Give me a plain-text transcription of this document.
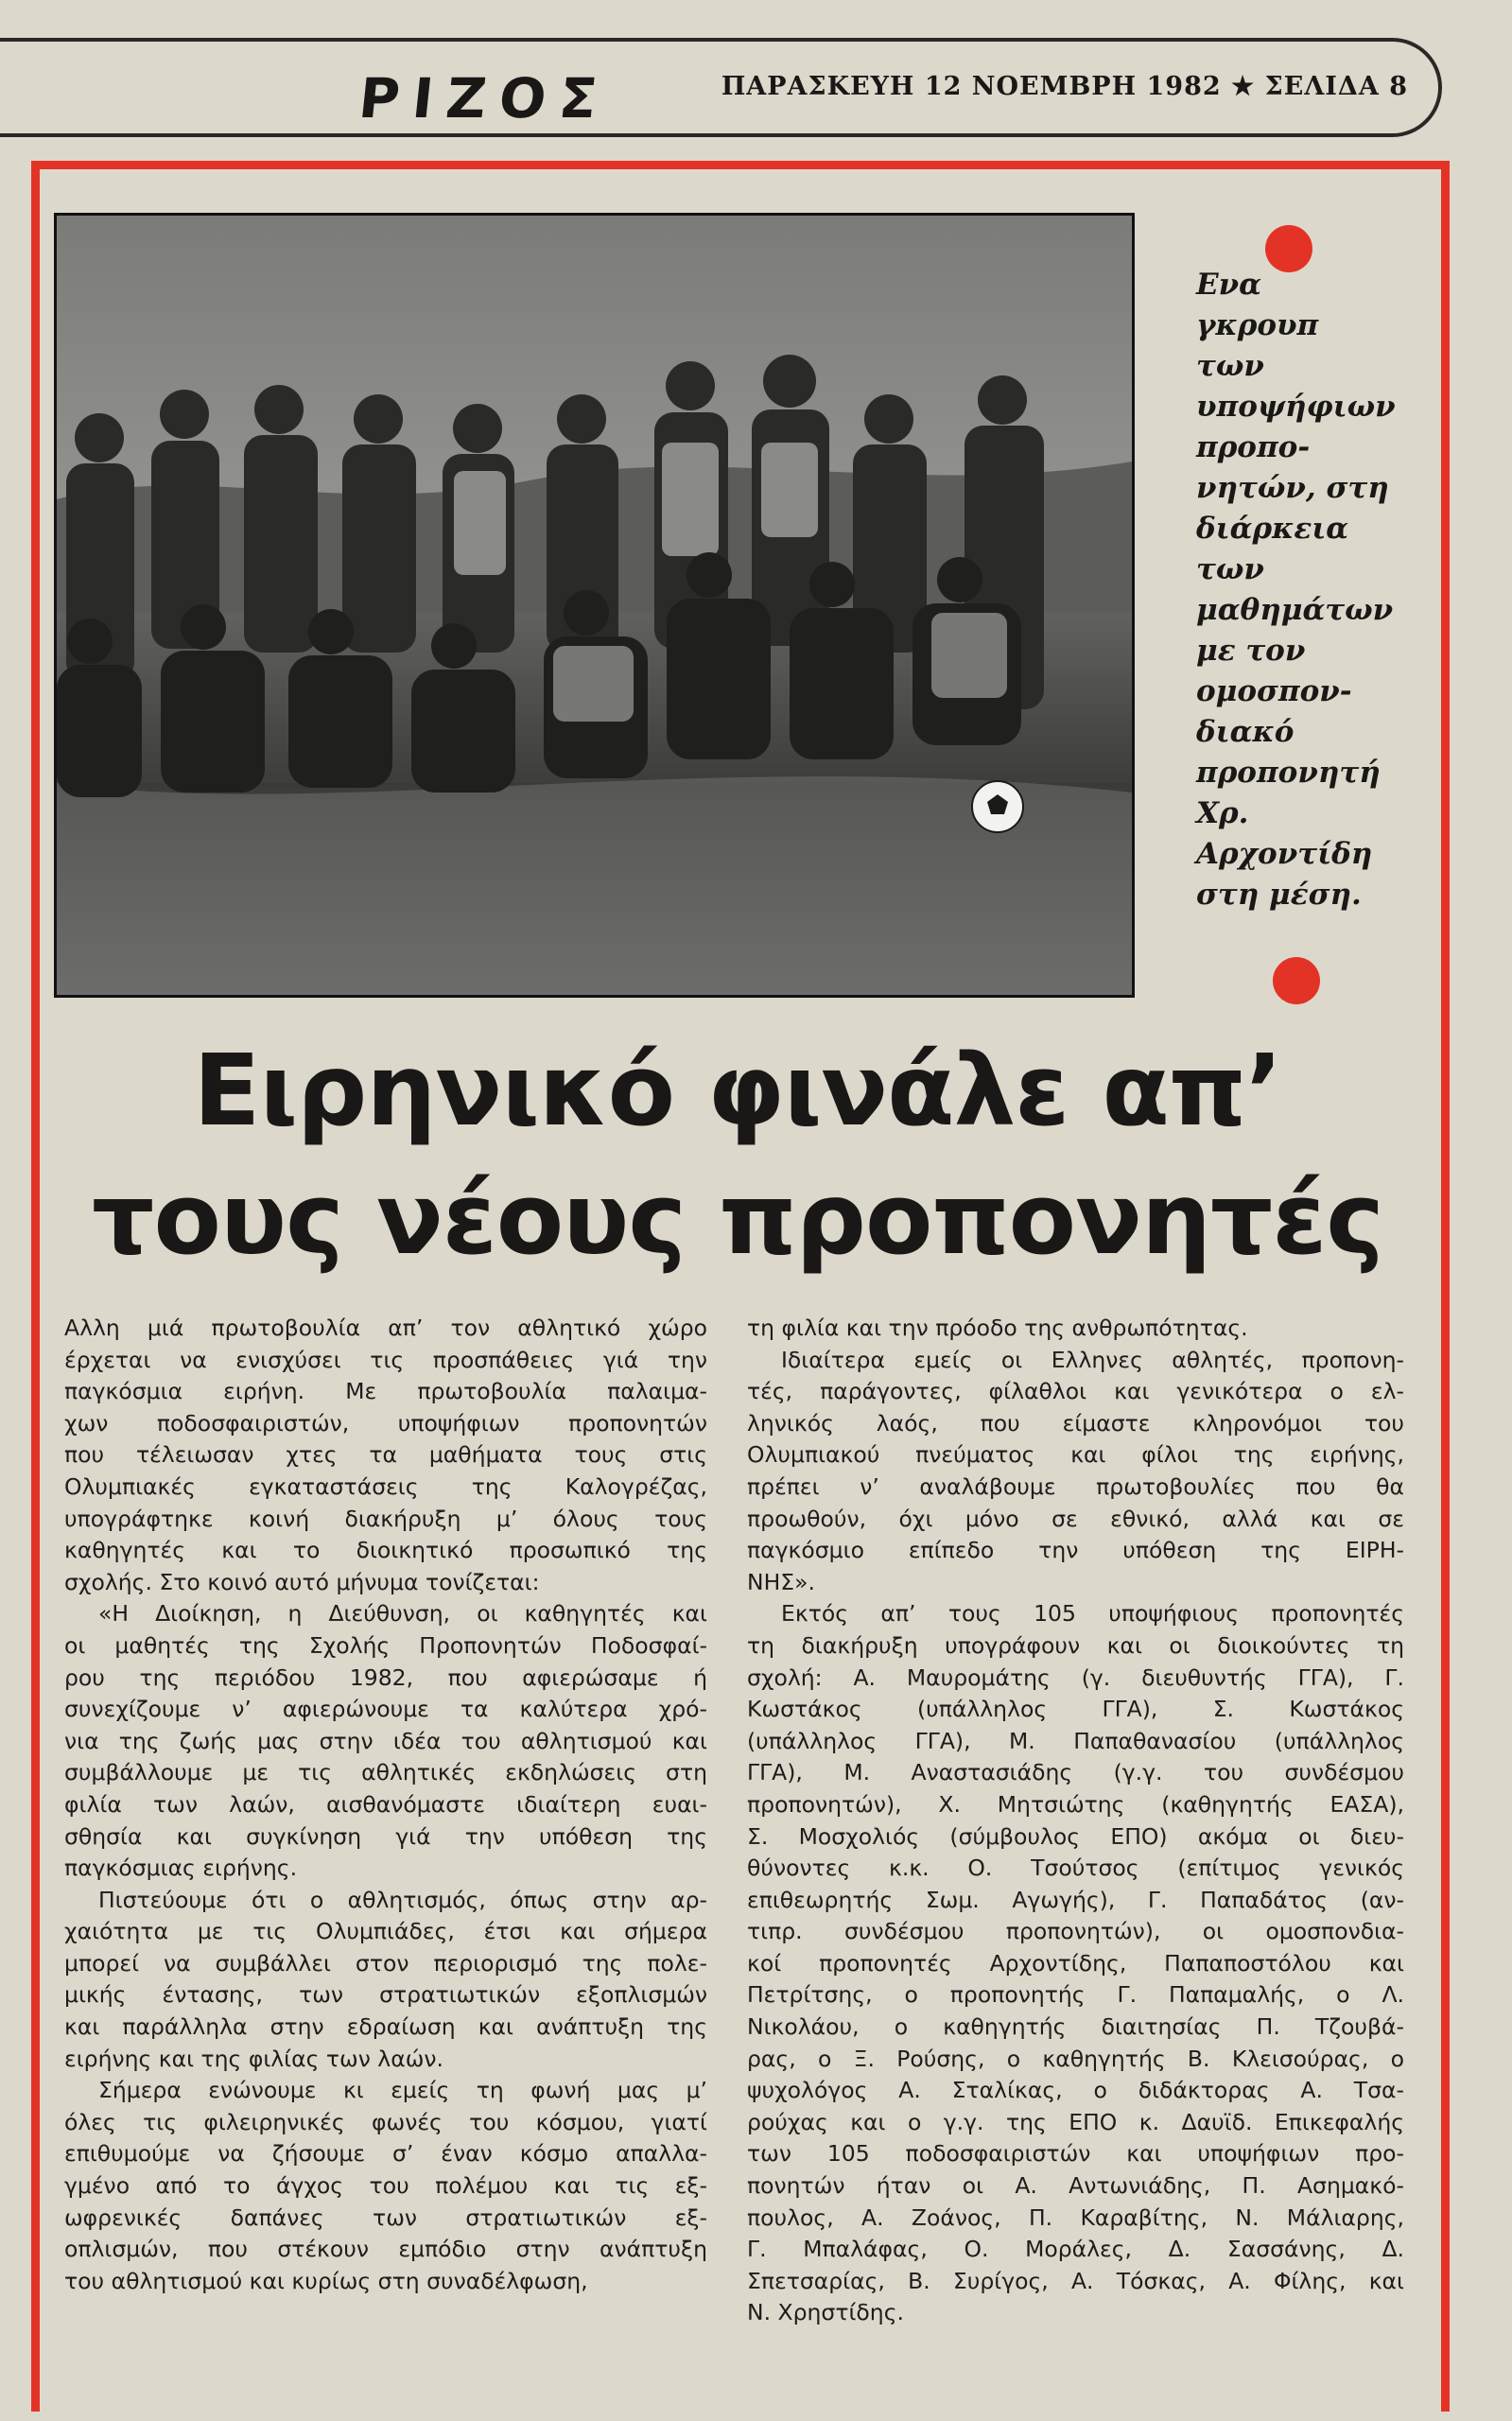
ΡΙΖΟΣ	ΠΑΡΑΣΚΕΥΗ 12 ΝΟΕΜΒΡΗ 1982 ★ ΣΕΛΙΔΑ 8
Ενα
γκρουπ
των
υποψήφιων
προπο-
νητών, στη
διάρκεια
των
μαθημάτων
με τον
ομοσπον-
διακό
προπονητή
Χρ.
Αρχοντίδη
στη μέση.
Ειρηνικό φινάλε απ’
τους νέους προπονητές

Αλλη μιά πρωτοβουλία απ’ τον αθλητικό χώρο

έρχεται να ενισχύσει τις προσπάθειες γιά την

παγκόσμια ειρήνη. Με πρωτοβουλία παλαιμα-

χων ποδοσφαιριστών, υποψήφιων προπονητών

που τέλειωσαν χτες τα μαθήματα τους στις

Ολυμπιακές εγκαταστάσεις της Καλογρέζας,

υπογράφτηκε κοινή διακήρυξη μ’ όλους τους

καθηγητές και το διοικητικό προσωπικό της

σχολής. Στο κοινό αυτό μήνυμα τονίζεται:

«Η Διοίκηση, η Διεύθυνση, οι καθηγητές και

οι μαθητές της Σχολής Προπονητών Ποδοσφαί-

ρου της περιόδου 1982, που αφιερώσαμε ή

συνεχίζουμε ν’ αφιερώνουμε τα καλύτερα χρό-

νια της ζωής μας στην ιδέα του αθλητισμού και

συμβάλλουμε με τις αθλητικές εκδηλώσεις στη

φιλία των λαών, αισθανόμαστε ιδιαίτερη ευαι-

σθησία και συγκίνηση γιά την υπόθεση της

παγκόσμιας ειρήνης.

Πιστεύουμε ότι ο αθλητισμός, όπως στην αρ-

χαιότητα με τις Ολυμπιάδες, έτσι και σήμερα

μπορεί να συμβάλλει στον περιορισμό της πολε-

μικής έντασης, των στρατιωτικών εξοπλισμών

και παράλληλα στην εδραίωση και ανάπτυξη της

ειρήνης και της φιλίας των λαών.

Σήμερα ενώνουμε κι εμείς τη φωνή μας μ’

όλες τις φιλειρηνικές φωνές του κόσμου, γιατί

επιθυμούμε να ζήσουμε σ’ έναν κόσμο απαλλα-

γμένο από το άγχος του πολέμου και τις εξ-

ωφρενικές δαπάνες των στρατιωτικών εξ-

οπλισμών, που στέκουν εμπόδιο στην ανάπτυξη

του αθλητισμού και κυρίως στη συναδέλφωση,

τη φιλία και την πρόοδο της ανθρωπότητας.

Ιδιαίτερα εμείς οι Ελληνες αθλητές, προπονη-

τές, παράγοντες, φίλαθλοι και γενικότερα ο ελ-

ληνικός λαός, που είμαστε κληρονόμοι του

Ολυμπιακού πνεύματος και φίλοι της ειρήνης,

πρέπει ν’ αναλάβουμε πρωτοβουλίες που θα

προωθούν, όχι μόνο σε εθνικό, αλλά και σε

παγκόσμιο επίπεδο την υπόθεση της ΕΙΡΗ-

ΝΗΣ».

Εκτός απ’ τους 105 υποψήφιους προπονητές

τη διακήρυξη υπογράφουν και οι διοικούντες τη

σχολή: Α. Μαυρομάτης (γ. διευθυντής ΓΓΑ), Γ.

Κωστάκος (υπάλληλος ΓΓΑ), Σ. Κωστάκος

(υπάλληλος ΓΓΑ), Μ. Παπαθανασίου (υπάλληλος

ΓΓΑ), Μ. Αναστασιάδης (γ.γ. του συνδέσμου

προπονητών), Χ. Μητσιώτης (καθηγητής ΕΑΣΑ),

Σ. Μοσχολιός (σύμβουλος ΕΠΟ) ακόμα οι διευ-

θύνοντες κ.κ. Ο. Τσούτσος (επίτιμος γενικός

επιθεωρητής Σωμ. Αγωγής), Γ. Παπαδάτος (αν-

τιπρ. συνδέσμου προπονητών), οι ομοσπονδια-

κοί προπονητές Αρχοντίδης, Παπαποστόλου και

Πετρίτσης, ο προπονητής Γ. Παπαμαλής, ο Λ.

Νικολάου, ο καθηγητής διαιτησίας Π. Τζουβά-

ρας, ο Ξ. Ρούσης, ο καθηγητής Β. Κλεισούρας, ο

ψυχολόγος Α. Σταλίκας, ο διδάκτορας Α. Τσα-

ρούχας και ο γ.γ. της ΕΠΟ κ. Δαυϊδ. Επικεφαλής

των 105 ποδοσφαιριστών και υποψήφιων προ-

πονητών ήταν οι Α. Αντωνιάδης, Π. Ασημακό-

πουλος, Α. Ζοάνος, Π. Καραβίτης, Ν. Μάλιαρης,

Γ. Μπαλάφας, Ο. Μοράλες, Δ. Σασσάνης, Δ.

Σπετσαρίας, Β. Συρίγος, Α. Τόσκας, Α. Φίλης, και

Ν. Χρηστίδης.
